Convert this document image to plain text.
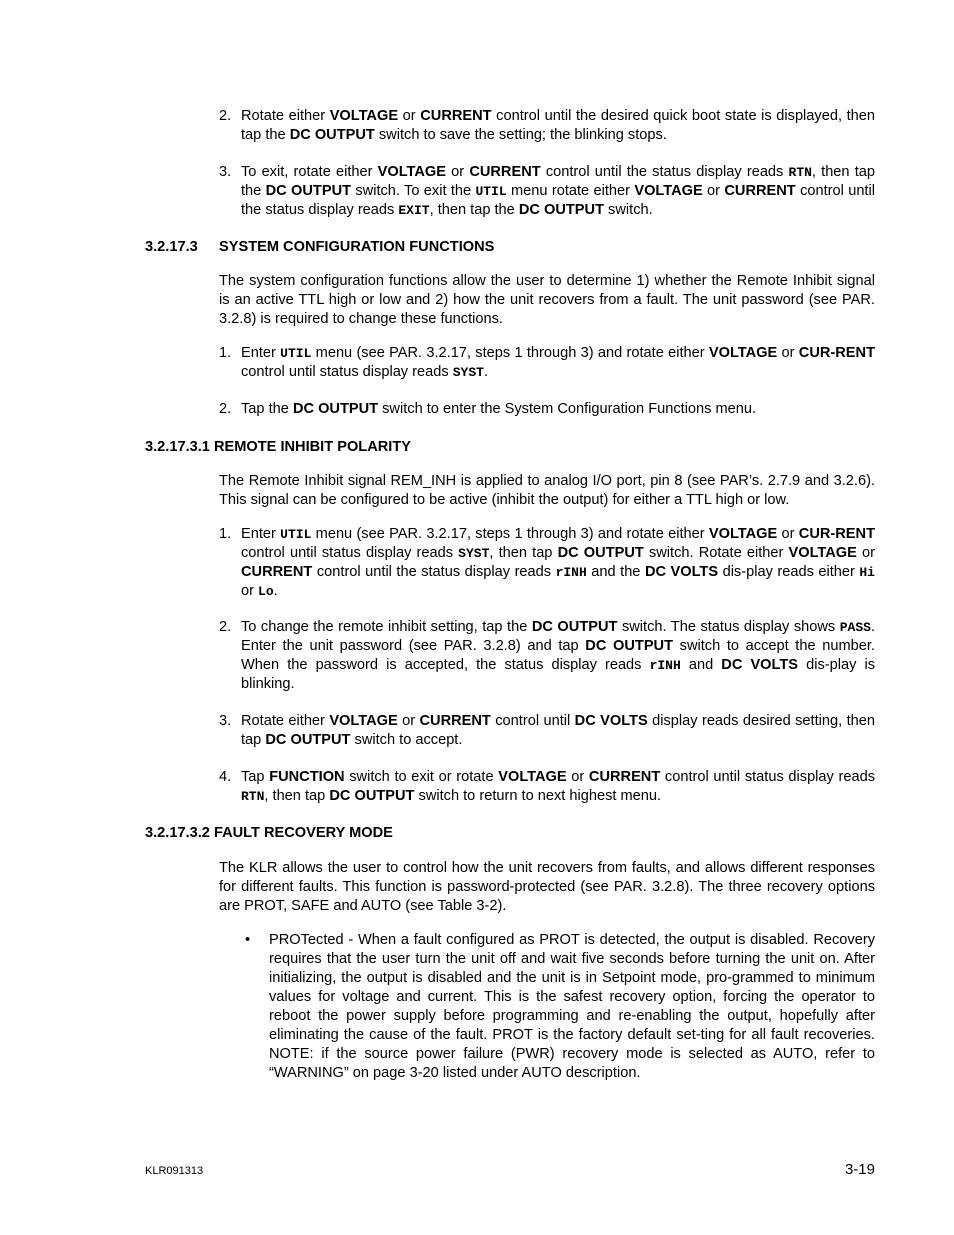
2. Rotate either VOLTAGE or CURRENT control until the desired quick boot state is displayed, then tap the DC OUTPUT switch to save the setting; the blinking stops.

3. To exit, rotate either VOLTAGE or CURRENT control until the status display reads RTN, then tap the DC OUTPUT switch. To exit the UTIL menu rotate either VOLTAGE or CURRENT control until the status display reads EXIT, then tap the DC OUTPUT switch.

3.2.17.3 SYSTEM CONFIGURATION FUNCTIONS

The system configuration functions allow the user to determine 1) whether the Remote Inhibit signal is an active TTL high or low and 2) how the unit recovers from a fault. The unit password (see PAR. 3.2.8) is required to change these functions.

1. Enter UTIL menu (see PAR. 3.2.17, steps 1 through 3) and rotate either VOLTAGE or CUR-RENT control until status display reads SYST.

2. Tap the DC OUTPUT switch to enter the System Configuration Functions menu.

3.2.17.3.1 REMOTE INHIBIT POLARITY

The Remote Inhibit signal REM_INH is applied to analog I/O port, pin 8 (see PAR’s. 2.7.9 and 3.2.6). This signal can be configured to be active (inhibit the output) for either a TTL high or low.

1. Enter UTIL menu (see PAR. 3.2.17, steps 1 through 3) and rotate either VOLTAGE or CUR-RENT control until status display reads SYST, then tap DC OUTPUT switch. Rotate either VOLTAGE or CURRENT control until the status display reads rINH and the DC VOLTS dis-play reads either Hi or Lo.

2. To change the remote inhibit setting, tap the DC OUTPUT switch. The status display shows PASS. Enter the unit password (see PAR. 3.2.8) and tap DC OUTPUT switch to accept the number. When the password is accepted, the status display reads rINH and DC VOLTS dis-play is blinking.

3. Rotate either VOLTAGE or CURRENT control until DC VOLTS display reads desired setting, then tap DC OUTPUT switch to accept.

4. Tap FUNCTION switch to exit or rotate VOLTAGE or CURRENT control until status display reads RTN, then tap DC OUTPUT switch to return to next highest menu.

3.2.17.3.2 FAULT RECOVERY MODE

The KLR allows the user to control how the unit recovers from faults, and allows different responses for different faults. This function is password-protected (see PAR. 3.2.8). The three recovery options are PROT, SAFE and AUTO (see Table 3-2).

• PROTected - When a fault configured as PROT is detected, the output is disabled. Recovery requires that the user turn the unit off and wait five seconds before turning the unit on. After initializing, the output is disabled and the unit is in Setpoint mode, pro-grammed to minimum values for voltage and current. This is the safest recovery option, forcing the operator to reboot the power supply before programming and re-enabling the output, hopefully after eliminating the cause of the fault. PROT is the factory default set-ting for all fault recoveries. NOTE: if the source power failure (PWR) recovery mode is selected as AUTO, refer to “WARNING” on page 3-20 listed under AUTO description.

KLR091313	3-19
